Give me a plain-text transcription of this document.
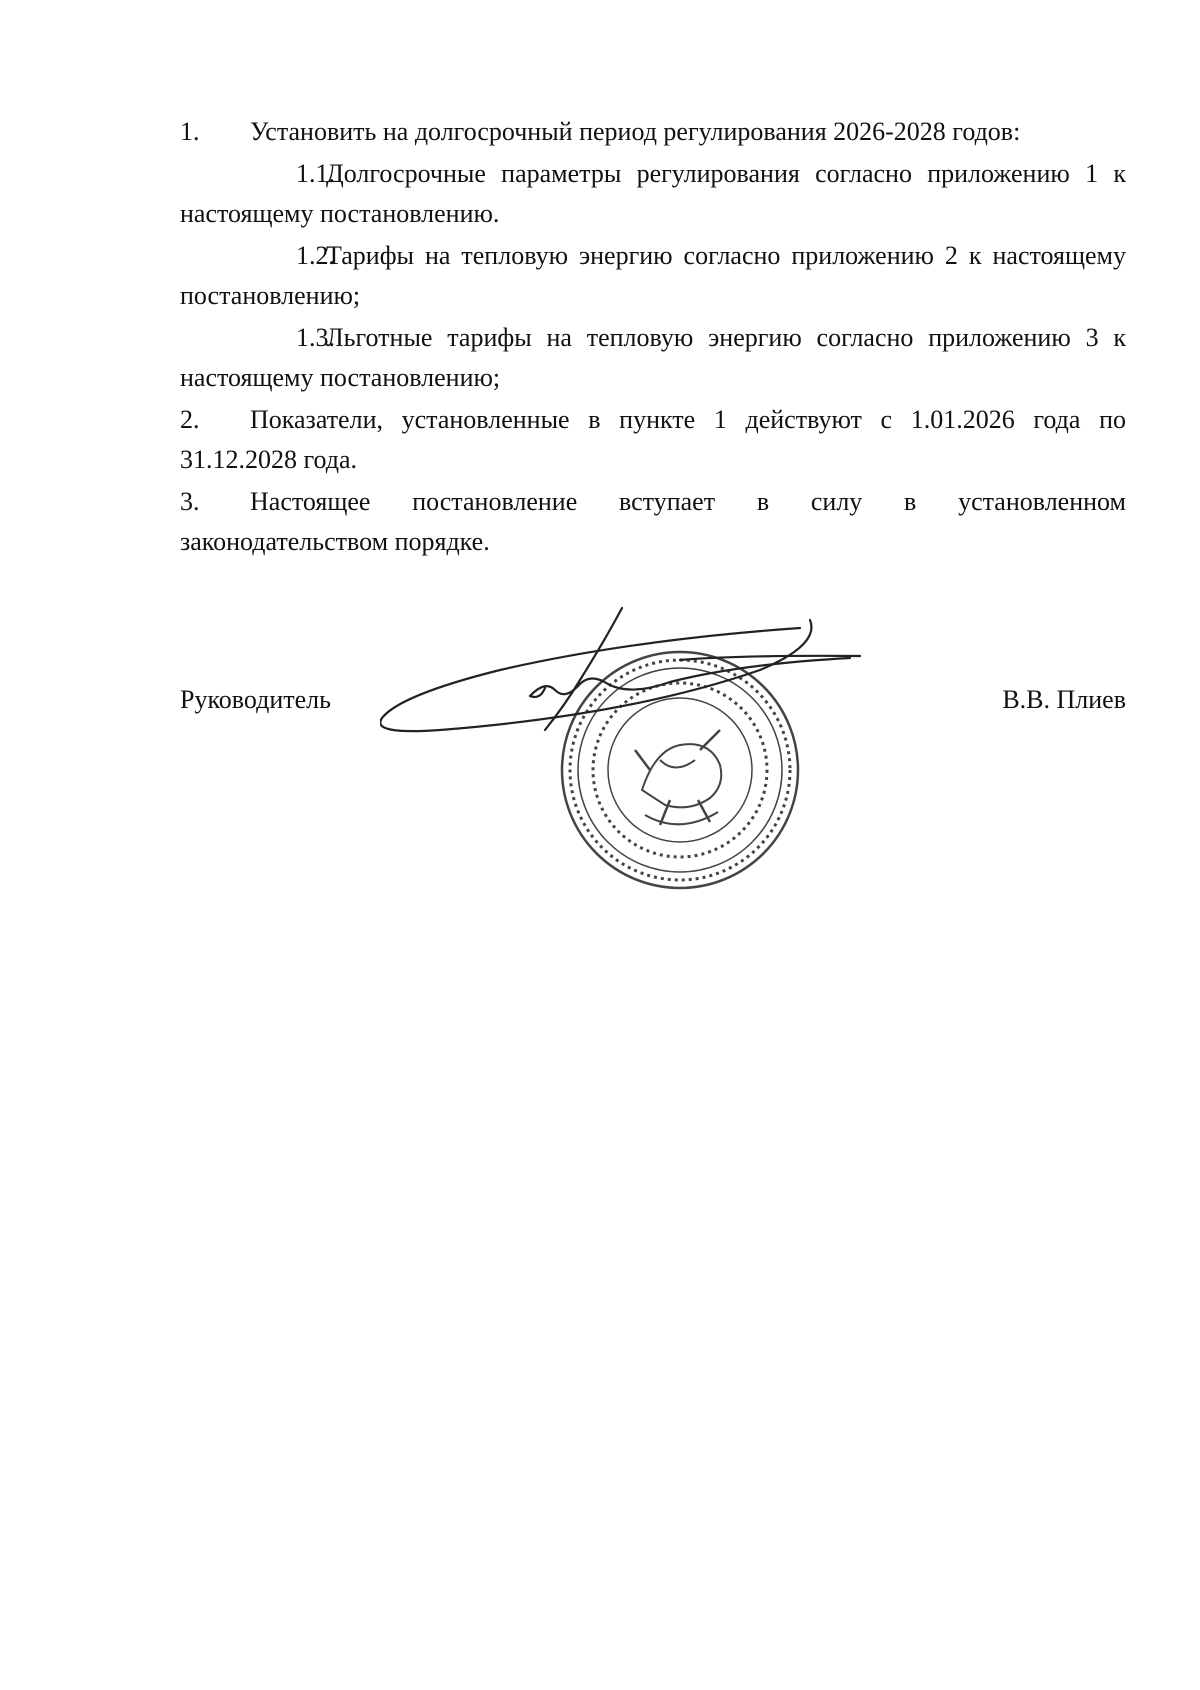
1. Установить на долгосрочный период регулирования 2026-2028 годов:

1.1.Долгосрочные параметры регулирования согласно приложению 1 к настоящему постановлению.

1.2.Тарифы на тепловую энергию согласно приложению 2 к настоящему постановлению;

1.3.Льготные тарифы на тепловую энергию согласно приложению 3 к настоящему постановлению;

2. Показатели, установленные в пункте 1 действуют с 1.01.2026 года по 31.12.2028 года.

3. Настоящее постановление вступает в силу в установленном законодательством порядке.

Руководитель	В.В. Плиев
